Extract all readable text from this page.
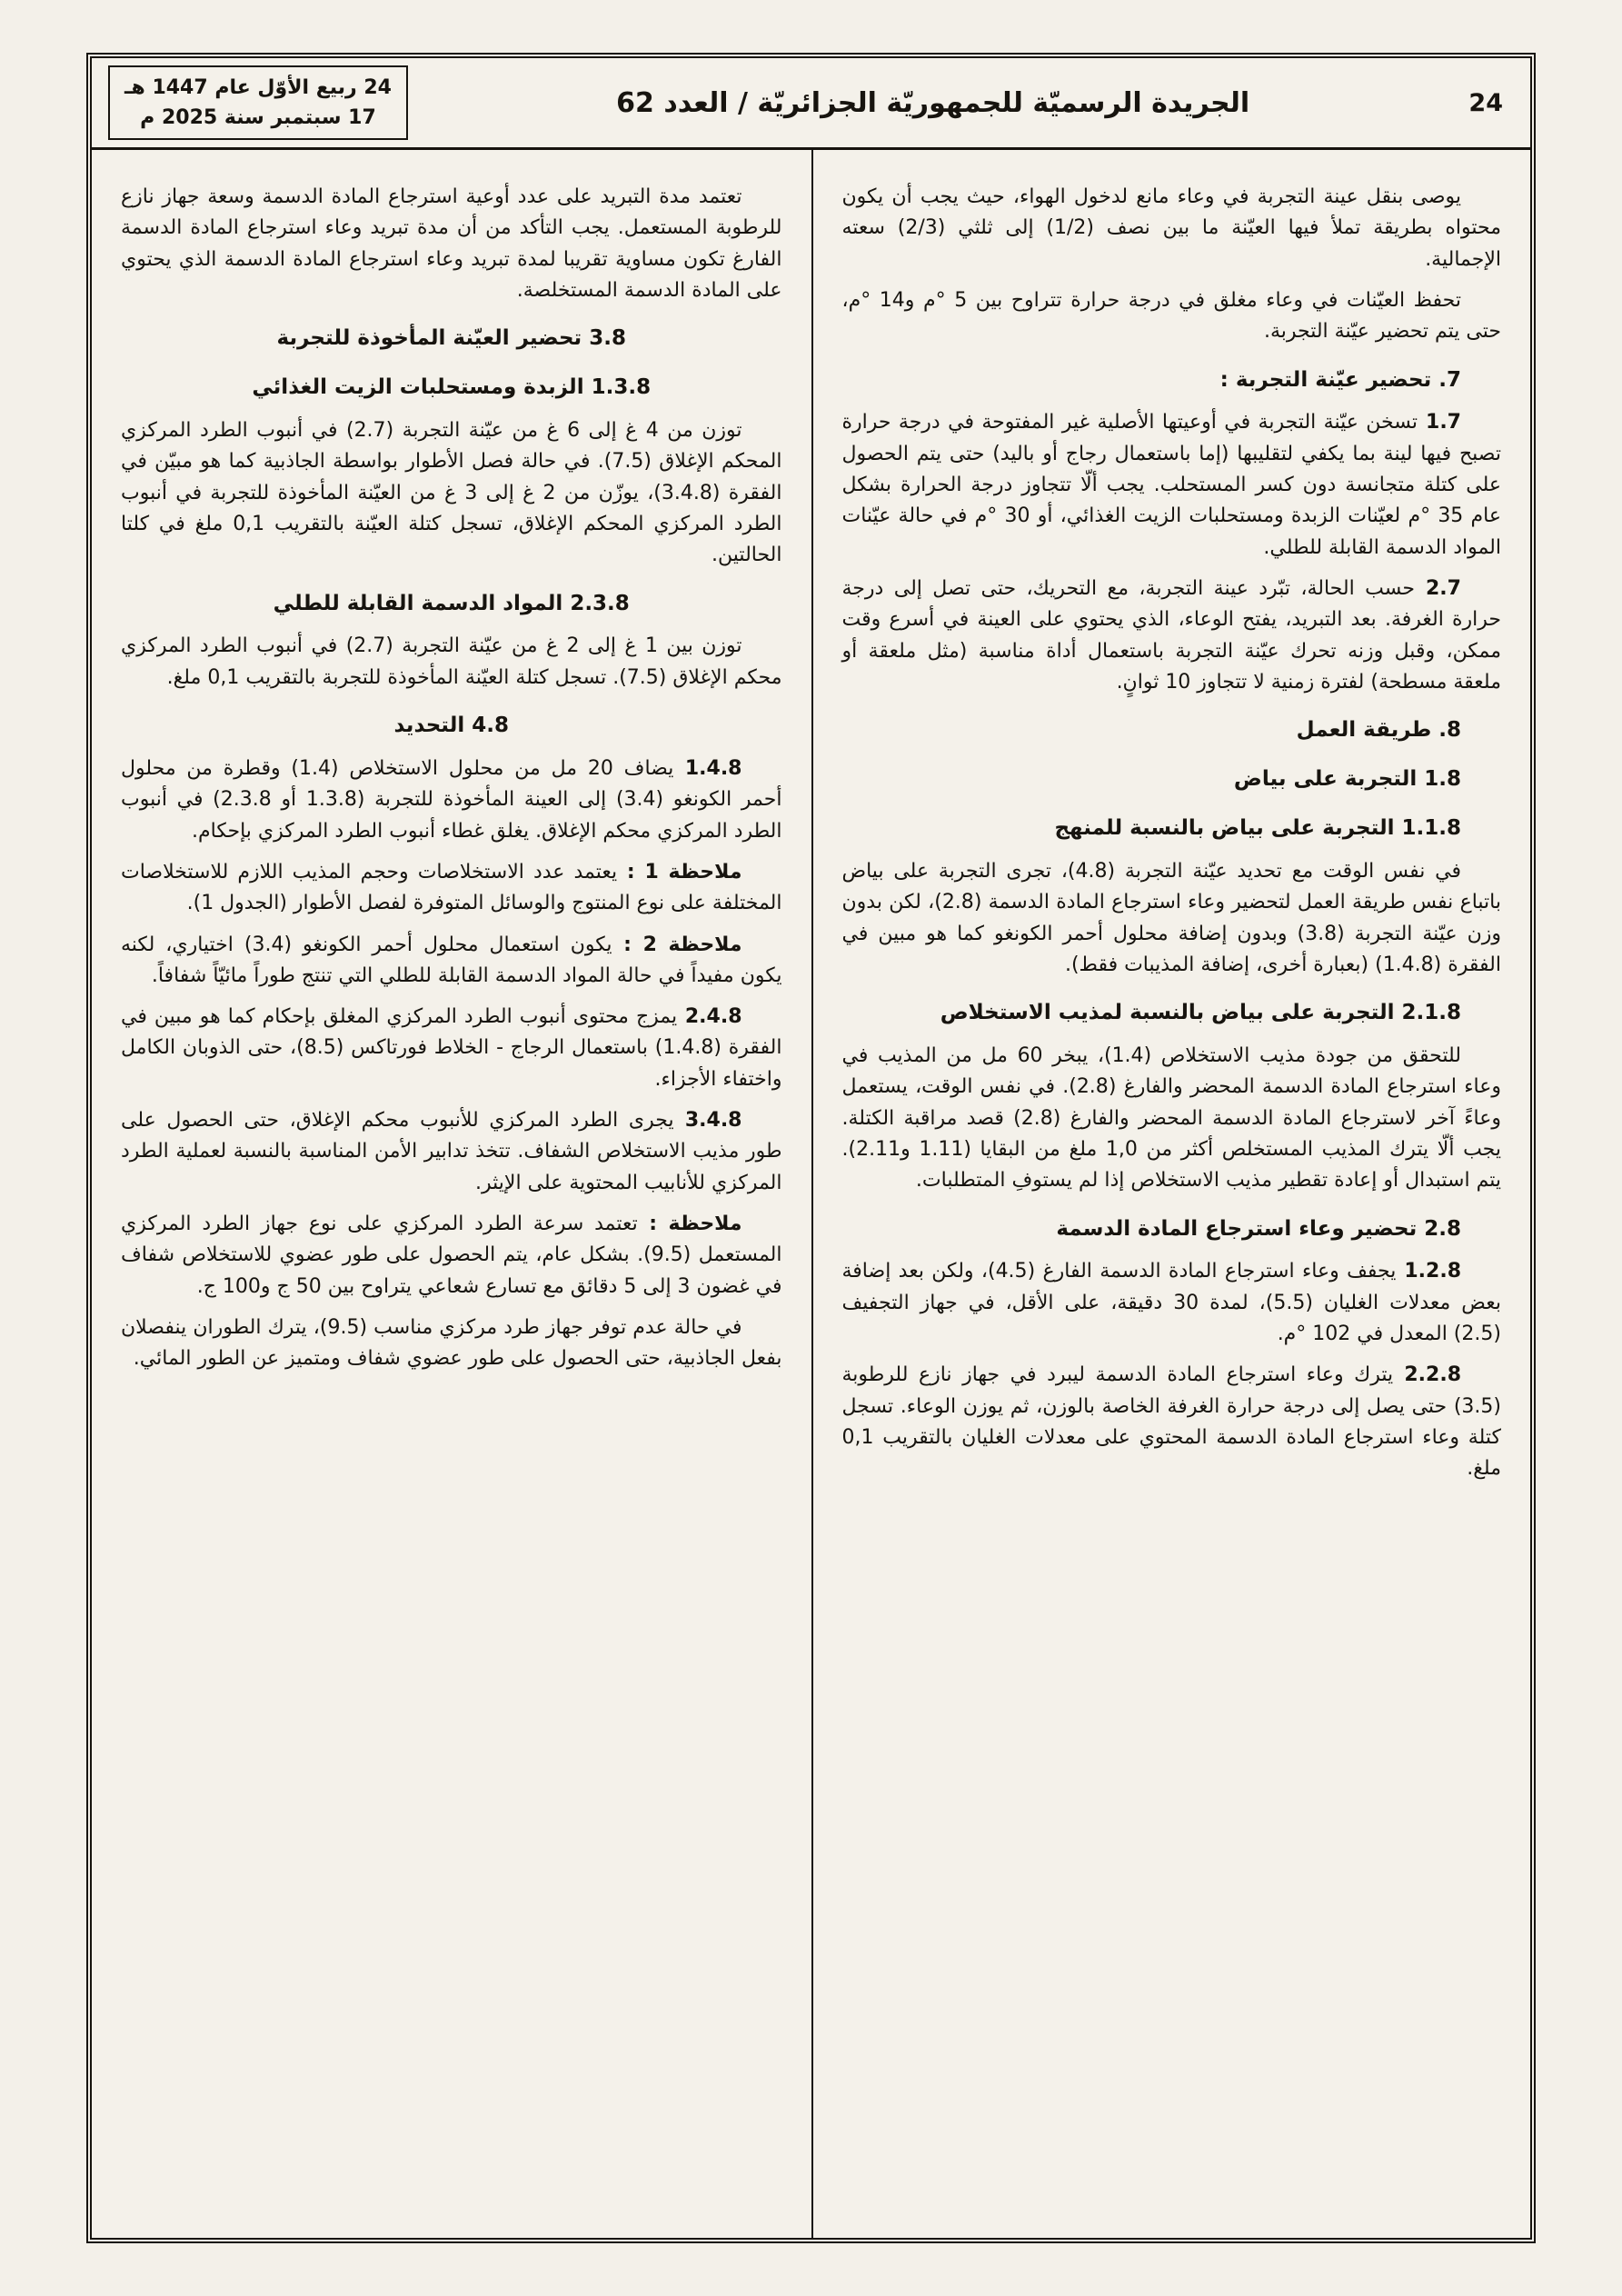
24
الجريدة الرسميّة للجمهوريّة الجزائريّة / العدد 62
24 ربيع الأوّل عام 1447 هـ
17 سبتمبر سنة 2025 م

يوصى بنقل عينة التجربة في وعاء مانع لدخول الهواء، حيث يجب أن يكون محتواه بطريقة تملأ فيها العيّنة ما بين نصف (1/2) إلى ثلثي (2/3) سعته الإجمالية.

تحفظ العيّنات في وعاء مغلق في درجة حرارة تتراوح بين 5 °م و14 °م، حتى يتم تحضير عيّنة التجربة.

7. تحضير عيّنة التجربة :

1.7 تسخن عيّنة التجربة في أوعيتها الأصلية غير المفتوحة في درجة حرارة تصبح فيها لينة بما يكفي لتقليبها (إما باستعمال رجاج أو باليد) حتى يتم الحصول على كتلة متجانسة دون كسر المستحلب. يجب ألّا تتجاوز درجة الحرارة بشكل عام 35 °م لعيّنات الزبدة ومستحلبات الزيت الغذائي، أو 30 °م في حالة عيّنات المواد الدسمة القابلة للطلي.

2.7 حسب الحالة، تبّرد عينة التجربة، مع التحريك، حتى تصل إلى درجة حرارة الغرفة. بعد التبريد، يفتح الوعاء، الذي يحتوي على العينة في أسرع وقت ممكن، وقبل وزنه تحرك عيّنة التجربة باستعمال أداة مناسبة (مثل ملعقة أو ملعقة مسطحة) لفترة زمنية لا تتجاوز 10 ثوانٍ.

8. طريقة العمل
1.8 التجربة على بياض
1.1.8 التجربة على بياض بالنسبة للمنهج

في نفس الوقت مع تحديد عيّنة التجربة (4.8)، تجرى التجربة على بياض باتباع نفس طريقة العمل لتحضير وعاء استرجاع المادة الدسمة (2.8)، لكن بدون وزن عيّنة التجربة (3.8) وبدون إضافة محلول أحمر الكونغو كما هو مبين في الفقرة (1.4.8) (بعبارة أخرى، إضافة المذيبات فقط).

2.1.8 التجربة على بياض بالنسبة لمذيب الاستخلاص

للتحقق من جودة مذيب الاستخلاص (1.4)، يبخر 60 مل من المذيب في وعاء استرجاع المادة الدسمة المحضر والفارغ (2.8). في نفس الوقت، يستعمل وعاءً آخر لاسترجاع المادة الدسمة المحضر والفارغ (2.8) قصد مراقبة الكتلة. يجب ألّا يترك المذيب المستخلص أكثر من 1,0 ملغ من البقايا (1.11 و2.11). يتم استبدال أو إعادة تقطير مذيب الاستخلاص إذا لم يستوفِ المتطلبات.

2.8 تحضير وعاء استرجاع المادة الدسمة

1.2.8 يجفف وعاء استرجاع المادة الدسمة الفارغ (4.5)، ولكن بعد إضافة بعض معدلات الغليان (5.5)، لمدة 30 دقيقة، على الأقل، في جهاز التجفيف (2.5) المعدل في 102 °م.

2.2.8 يترك وعاء استرجاع المادة الدسمة ليبرد في جهاز نازع للرطوبة (3.5) حتى يصل إلى درجة حرارة الغرفة الخاصة بالوزن، ثم يوزن الوعاء. تسجل كتلة وعاء استرجاع المادة الدسمة المحتوي على معدلات الغليان بالتقريب 0,1 ملغ.

تعتمد مدة التبريد على عدد أوعية استرجاع المادة الدسمة وسعة جهاز نازع للرطوبة المستعمل. يجب التأكد من أن مدة تبريد وعاء استرجاع المادة الدسمة الفارغ تكون مساوية تقريبا لمدة تبريد وعاء استرجاع المادة الدسمة الذي يحتوي على المادة الدسمة المستخلصة.

3.8 تحضير العيّنة المأخوذة للتجربة
1.3.8 الزبدة ومستحلبات الزيت الغذائي

توزن من 4 غ إلى 6 غ من عيّنة التجربة (2.7) في أنبوب الطرد المركزي المحكم الإغلاق (7.5). في حالة فصل الأطوار بواسطة الجاذبية كما هو مبيّن في الفقرة (3.4.8)، يوزّن من 2 غ إلى 3 غ من العيّنة المأخوذة للتجربة في أنبوب الطرد المركزي المحكم الإغلاق، تسجل كتلة العيّنة بالتقريب 0,1 ملغ في كلتا الحالتين.

2.3.8 المواد الدسمة القابلة للطلي

توزن بين 1 غ إلى 2 غ من عيّنة التجربة (2.7) في أنبوب الطرد المركزي محكم الإغلاق (7.5). تسجل كتلة العيّنة المأخوذة للتجربة بالتقريب 0,1 ملغ.

4.8 التحديد

1.4.8 يضاف 20 مل من محلول الاستخلاص (1.4) وقطرة من محلول أحمر الكونغو (3.4) إلى العينة المأخوذة للتجربة (1.3.8 أو 2.3.8) في أنبوب الطرد المركزي محكم الإغلاق. يغلق غطاء أنبوب الطرد المركزي بإحكام.

ملاحظة 1 : يعتمد عدد الاستخلاصات وحجم المذيب اللازم للاستخلاصات المختلفة على نوع المنتوج والوسائل المتوفرة لفصل الأطوار (الجدول 1).

ملاحظة 2 : يكون استعمال محلول أحمر الكونغو (3.4) اختياري، لكنه يكون مفيداً في حالة المواد الدسمة القابلة للطلي التي تنتج طوراً مائيّاً شفافاً.

2.4.8 يمزج محتوى أنبوب الطرد المركزي المغلق بإحكام كما هو مبين في الفقرة (1.4.8) باستعمال الرجاج - الخلاط فورتاكس (8.5)، حتى الذوبان الكامل واختفاء الأجزاء.

3.4.8 يجرى الطرد المركزي للأنبوب محكم الإغلاق، حتى الحصول على طور مذيب الاستخلاص الشفاف. تتخذ تدابير الأمن المناسبة بالنسبة لعملية الطرد المركزي للأنابيب المحتوية على الإيثر.

ملاحظة : تعتمد سرعة الطرد المركزي على نوع جهاز الطرد المركزي المستعمل (9.5). بشكل عام، يتم الحصول على طور عضوي للاستخلاص شفاف في غضون 3 إلى 5 دقائق مع تسارع شعاعي يتراوح بين 50 ج و100 ج.

في حالة عدم توفر جهاز طرد مركزي مناسب (9.5)، يترك الطوران ينفصلان بفعل الجاذبية، حتى الحصول على طور عضوي شفاف ومتميز عن الطور المائي.
